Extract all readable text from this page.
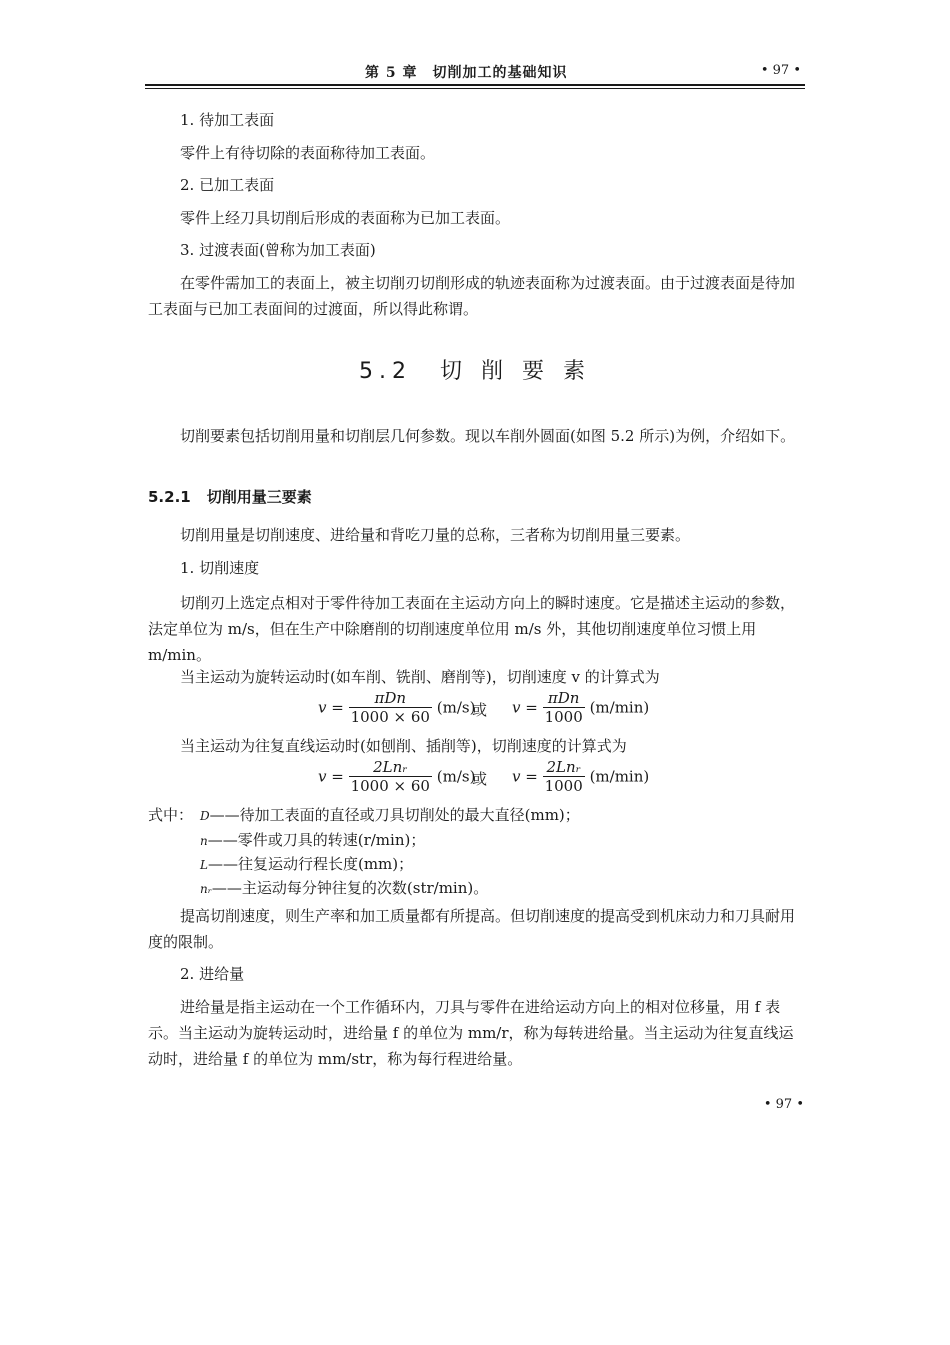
第 5 章　切削加工的基础知识	• 97 •
1. 待加工表面
零件上有待切除的表面称待加工表面。
2. 已加工表面
零件上经刀具切削后形成的表面称为已加工表面。
3. 过渡表面(曾称为加工表面)
在零件需加工的表面上，被主切削刃切削形成的轨迹表面称为过渡表面。由于过渡表面是待加工表面与已加工表面间的过渡面，所以得此称谓。
5.2　切 削 要 素
切削要素包括切削用量和切削层几何参数。现以车削外圆面(如图 5.2 所示)为例，介绍如下。
5.2.1 切削用量三要素
切削用量是切削速度、进给量和背吃刀量的总称，三者称为切削用量三要素。
1. 切削速度
切削刃上选定点相对于零件待加工表面在主运动方向上的瞬时速度。它是描述主运动的参数，法定单位为 m/s，但在生产中除磨削的切削速度单位用 m/s 外，其他切削速度单位习惯上用 m/min。
当主运动为旋转运动时(如车削、铣削、磨削等)，切削速度 v 的计算式为
$v = \frac{\text{πDn}}{1000 \times 60} (m/s)$
或 $v = \frac{\text{πDn}}{1000} (m/\min)$
当主运动为往复直线运动时(如刨削、插削等)，切削速度的计算式为
$v = \frac{\text{2Lnᵣ}}{1000 \times 60} (m/s)$
或 $v = \frac{\text{2Lnᵣ}}{1000} (m/\min)$
式中： D——待加工表面的直径或刀具切削处的最大直径(mm)；
n——零件或刀具的转速(r/min)；
L——往复运动行程长度(mm)；
nᵣ——主运动每分钟往复的次数(str/min)。
提高切削速度，则生产率和加工质量都有所提高。但切削速度的提高受到机床动力和刀具耐用度的限制。
2. 进给量
进给量是指主运动在一个工作循环内，刀具与零件在进给运动方向上的相对位移量，用 f 表示。当主运动为旋转运动时，进给量 f 的单位为 mm/r，称为每转进给量。当主运动为往复直线运动时，进给量 f 的单位为 mm/str，称为每行程进给量。
• 97 •
